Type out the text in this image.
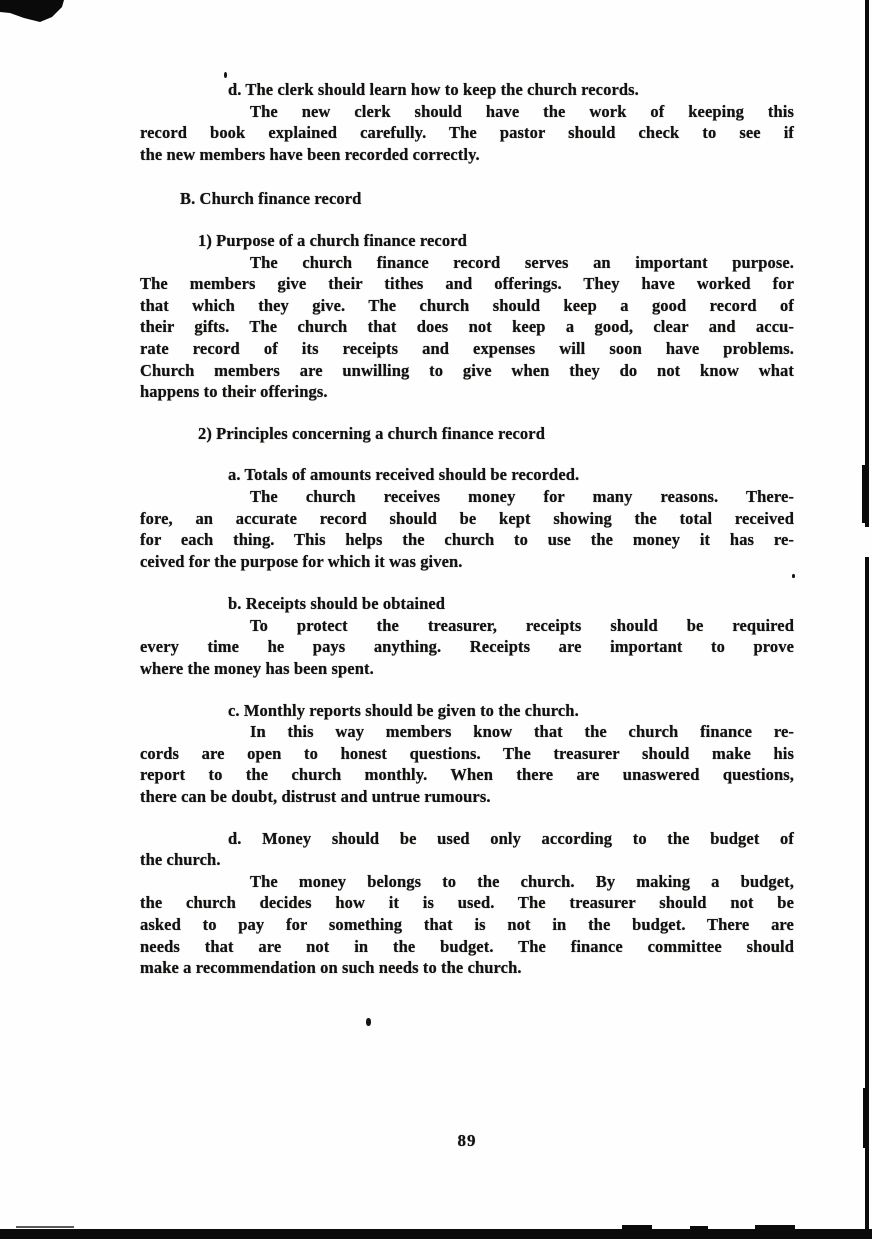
d. The clerk should learn how to keep the church records.
The new clerk should have the work of keeping this
record book explained carefully. The pastor should check to see if
the new members have been recorded correctly.
B. Church finance record
1) Purpose of a church finance record
The church finance record serves an important purpose.
The members give their tithes and offerings. They have worked for
that which they give. The church should keep a good record of
their gifts. The church that does not keep a good, clear and accu-
rate record of its receipts and expenses will soon have problems.
Church members are unwilling to give when they do not know what
happens to their offerings.
2) Principles concerning a church finance record
a. Totals of amounts received should be recorded.
The church receives money for many reasons. There-
fore, an accurate record should be kept showing the total received
for each thing. This helps the church to use the money it has re-
ceived for the purpose for which it was given.
b. Receipts should be obtained
To protect the treasurer, receipts should be required
every time he pays anything. Receipts are important to prove
where the money has been spent.
c. Monthly reports should be given to the church.
In this way members know that the church finance re-
cords are open to honest questions. The treasurer should make his
report to the church monthly. When there are unaswered questions,
there can be doubt, distrust and untrue rumours.
d. Money should be used only according to the budget of
the church.
The money belongs to the church. By making a budget,
the church decides how it is used. The treasurer should not be
asked to pay for something that is not in the budget. There are
needs that are not in the budget. The finance committee should
make a recommendation on such needs to the church.
89
